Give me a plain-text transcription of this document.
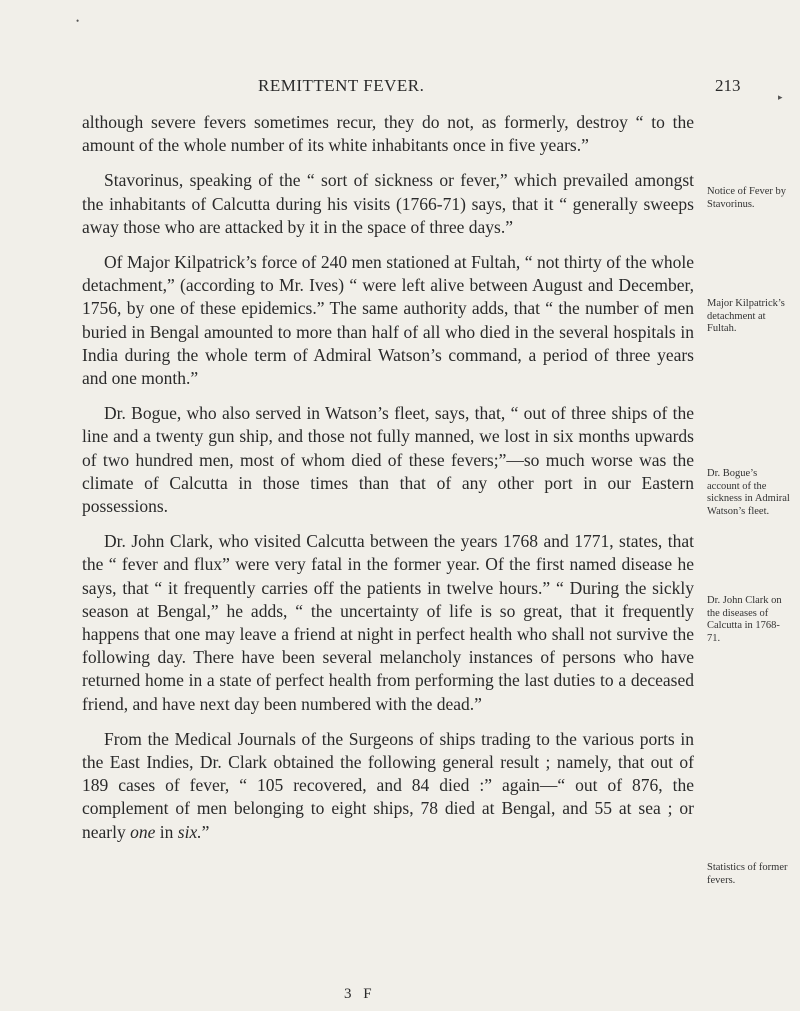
REMITTENT FEVER.	213
•
▸

although severe fevers sometimes recur, they do not, as formerly, destroy “ to the amount of the whole number of its white inhabitants once in five years.”

Stavorinus, speaking of the “ sort of sickness or fever,” which prevailed amongst the inhabitants of Calcutta during his visits (1766-71) says, that it “ generally sweeps away those who are attacked by it in the space of three days.”

Of Major Kilpatrick’s force of 240 men stationed at Fultah, “ not thirty of the whole detachment,” (according to Mr. Ives) “ were left alive between August and December, 1756, by one of these epidemics.” The same authority adds, that “ the number of men buried in Bengal amounted to more than half of all who died in the several hospitals in India during the whole term of Admiral Watson’s command, a period of three years and one month.”

Dr. Bogue, who also served in Watson’s fleet, says, that, “ out of three ships of the line and a twenty gun ship, and those not fully manned, we lost in six months upwards of two hundred men, most of whom died of these fevers;”—so much worse was the climate of Calcutta in those times than that of any other port in our Eastern possessions.

Dr. John Clark, who visited Calcutta between the years 1768 and 1771, states, that the “ fever and flux” were very fatal in the former year. Of the first named disease he says, that “ it frequently carries off the patients in twelve hours.” “ During the sickly season at Bengal,” he adds, “ the uncertainty of life is so great, that it frequently happens that one may leave a friend at night in perfect health who shall not survive the following day. There have been several melancholy instances of persons who have returned home in a state of perfect health from performing the last duties to a deceased friend, and have next day been numbered with the dead.”

From the Medical Journals of the Surgeons of ships trading to the various ports in the East Indies, Dr. Clark obtained the following general result ; namely, that out of 189 cases of fever, “ 105 recovered, and 84 died :” again—“ out of 876, the complement of men belonging to eight ships, 78 died at Bengal, and 55 at sea ; or nearly one in six.”

Notice of Fever by Stavorinus.
Major Kilpatrick’s detachment at Fultah.
Dr. Bogue’s account of the sickness in Admiral Watson’s fleet.
Dr. John Clark on the diseases of Calcutta in 1768-71.
Statistics of former fevers.
3 F
